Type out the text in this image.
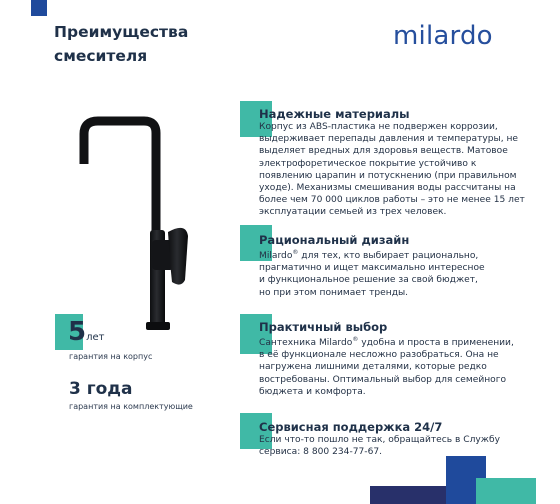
Преимущества
смесителя
milardo
5лет
гарантия на корпус
3 года
гарантия на комплектующие
Надежные материалы
Корпус из ABS-пластика не подвержен коррозии,
выдерживает перепады давления и температуры, не
выделяет вредных для здоровья веществ. Матовое
электрофоретическое покрытие устойчиво к
появлению царапин и потускнению (при правильном
уходе). Механизмы смешивания воды рассчитаны на
более чем 70 000 циклов работы – это не менее 15 лет
эксплуатации семьей из трех человек.
Рациональный дизайн
Milardo® для тех, кто выбирает рационально,
прагматично и ищет максимально интересное
и функциональное решение за свой бюджет,
но при этом понимает тренды.
Практичный выбор
Сантехника Milardo® удобна и проста в применении,
в её функционале несложно разобраться. Она не
нагружена лишними деталями, которые редко
востребованы. Оптимальный выбор для семейного
бюджета и комфорта.
Сервисная поддержка 24/7
Если что-то пошло не так, обращайтесь в Службу
сервиса: 8 800 234-77-67.
